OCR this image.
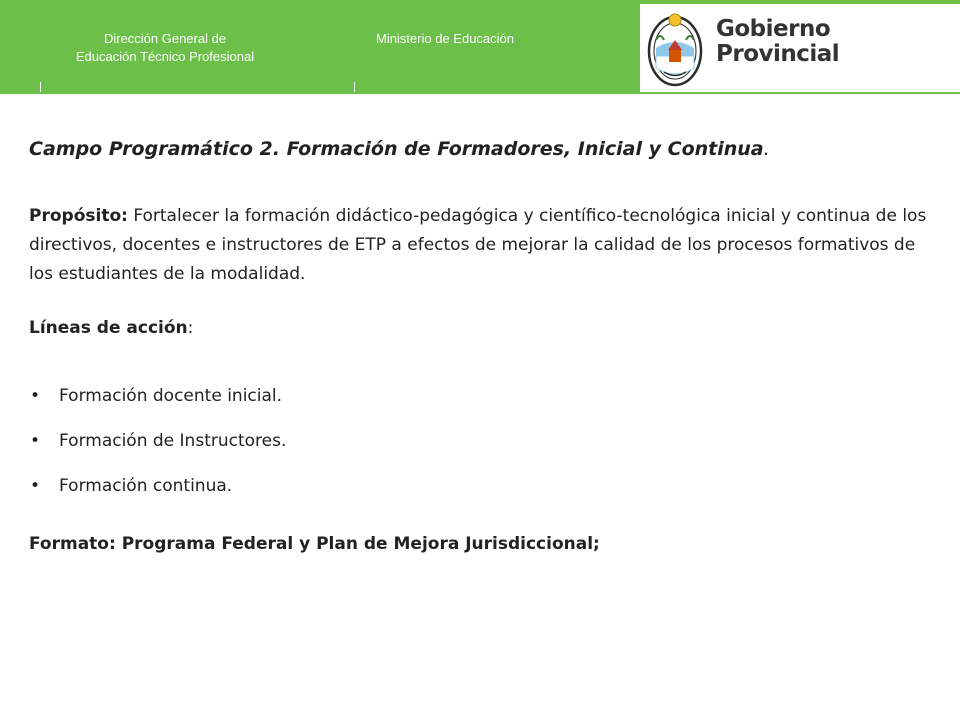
Dirección General de
Educación Técnico Profesional
Ministerio de Educación	Gobierno
Provincial
Campo Programático 2. Formación de Formadores, Inicial y Continua.
Propósito: Fortalecer la formación didáctico-pedagógica y científico-tecnológica inicial y continua de los directivos, docentes e instructores de ETP a efectos de mejorar la calidad de los procesos formativos de los estudiantes de la modalidad.
Líneas de acción:
• Formación docente inicial.
• Formación de Instructores.
• Formación continua.
Formato: Programa Federal y Plan de Mejora Jurisdiccional;
